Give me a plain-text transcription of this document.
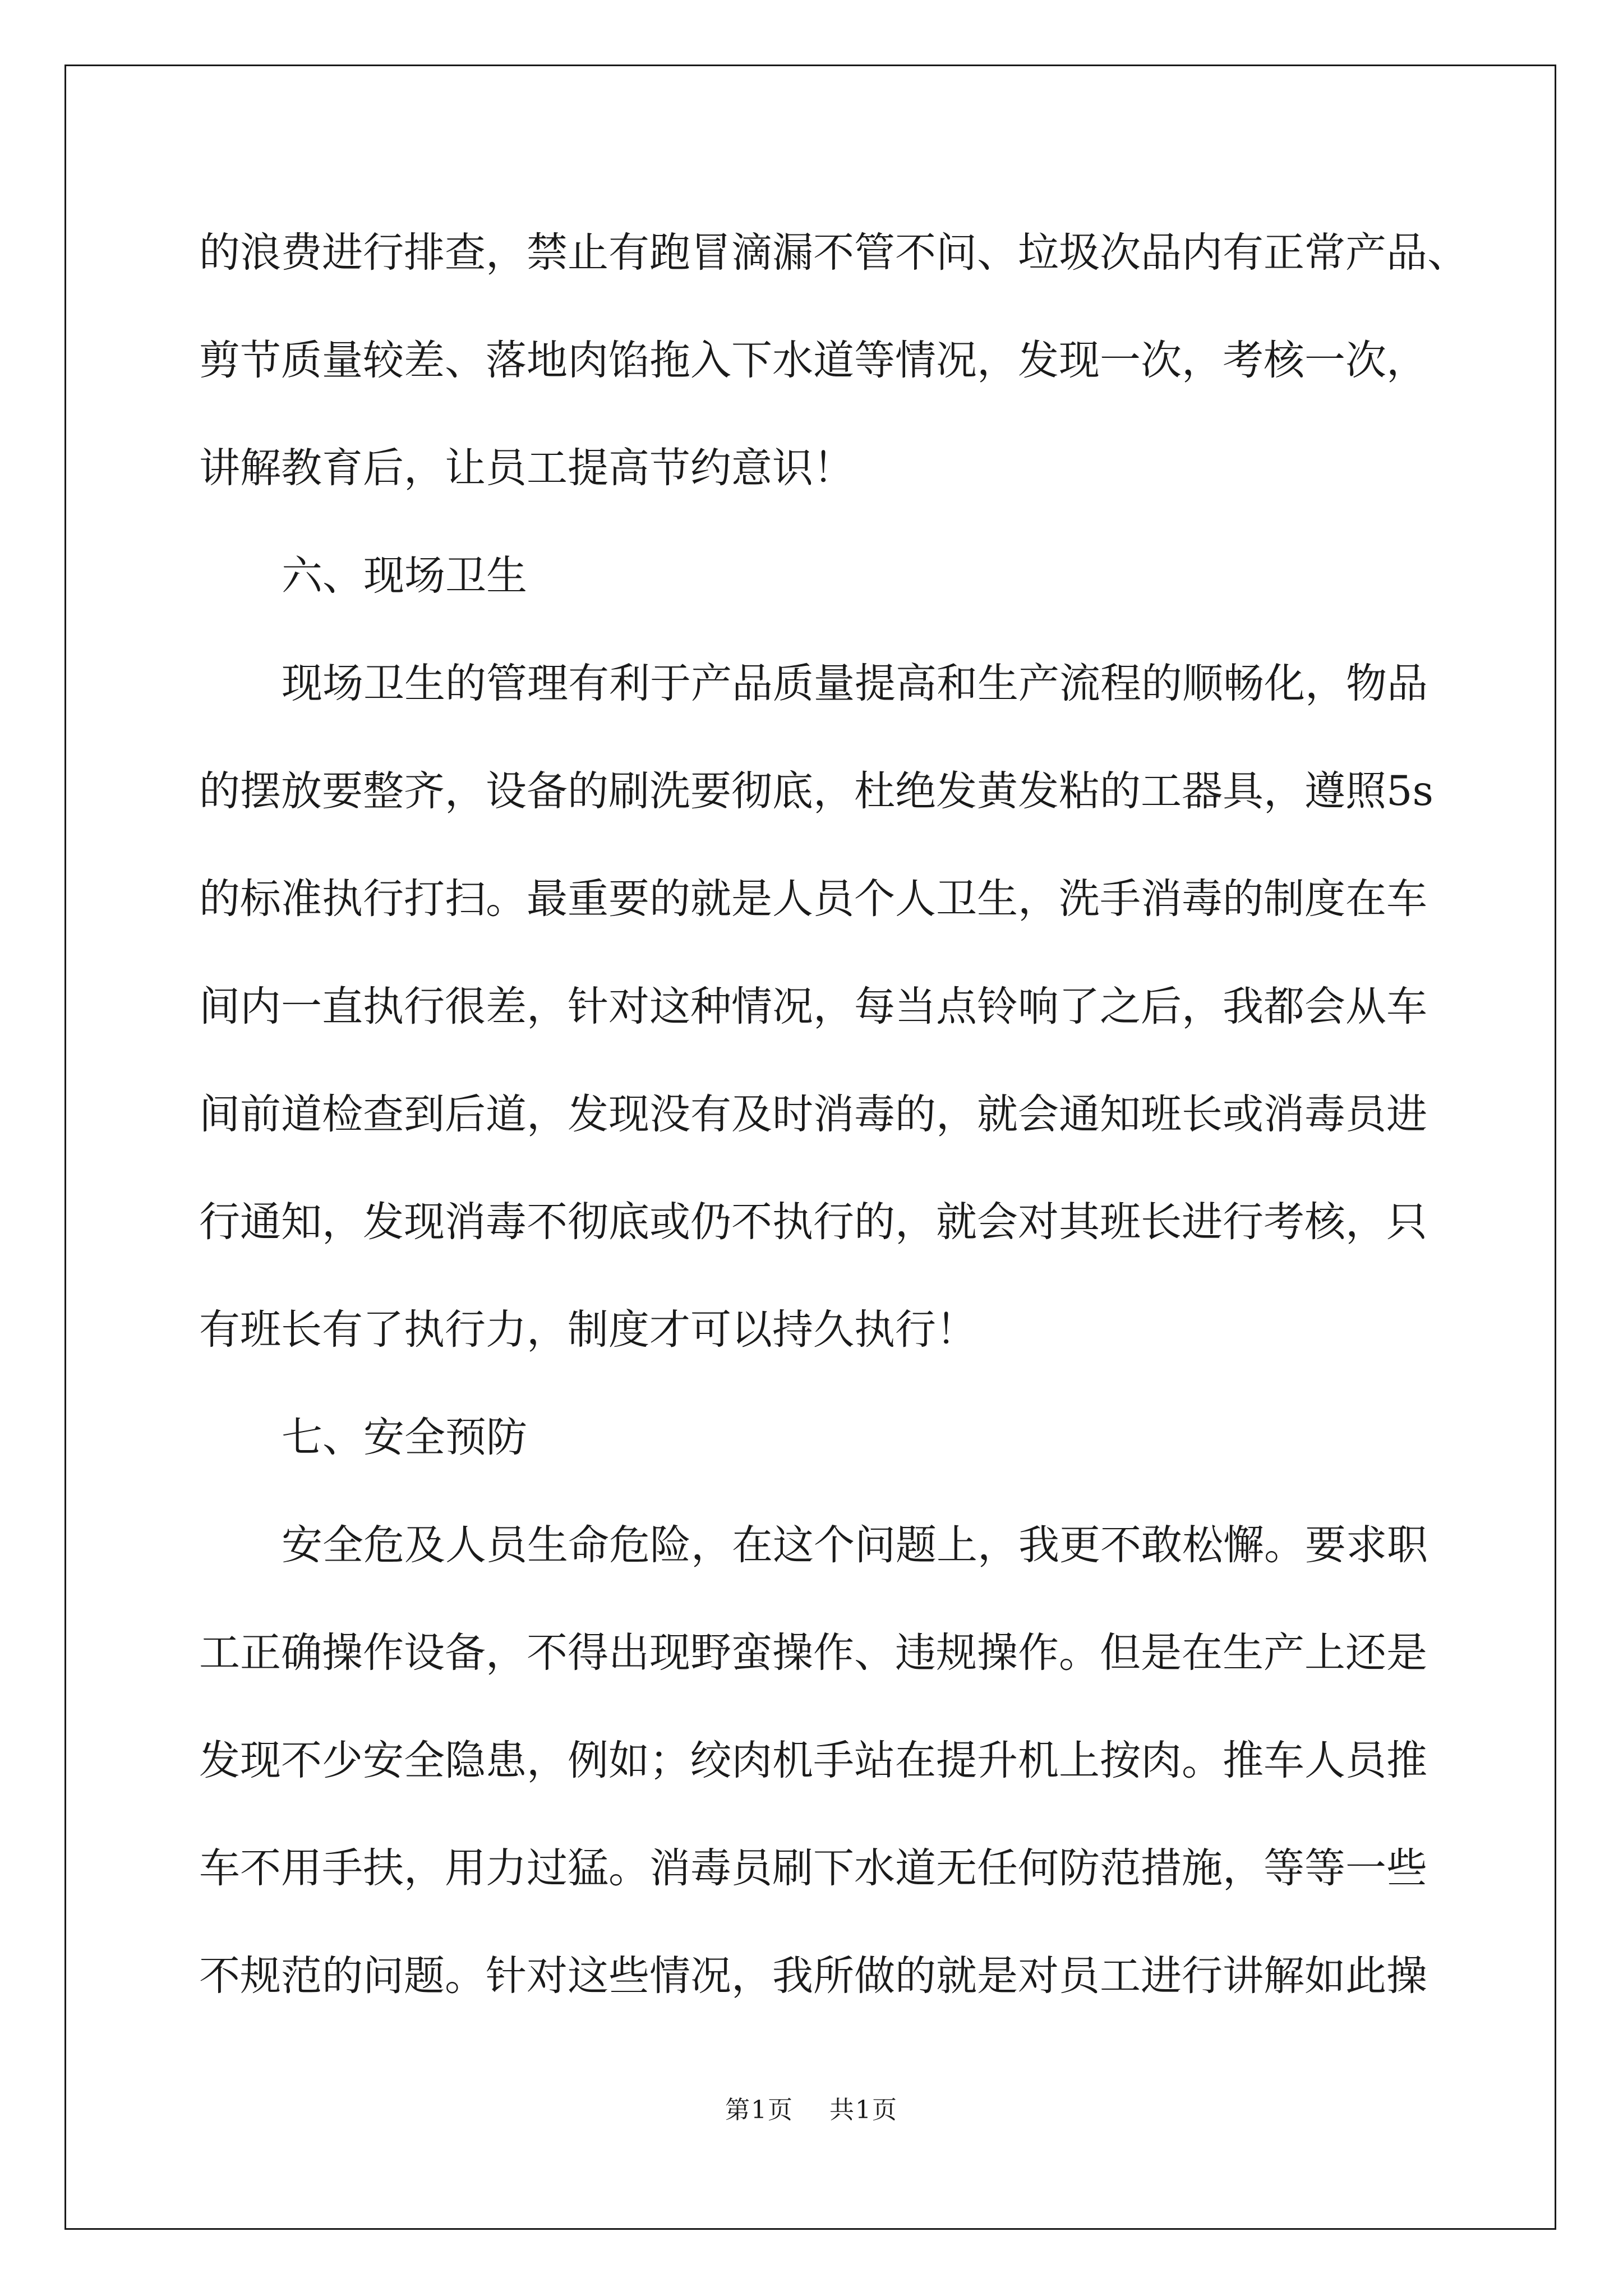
的浪费进行排查，禁止有跑冒滴漏不管不问、垃圾次品内有正常产品、
剪节质量较差、落地肉馅拖入下水道等情况，发现一次，考核一次，
讲解教育后，让员工提高节约意识！
六、现场卫生
现场卫生的管理有利于产品质量提高和生产流程的顺畅化，物品
的摆放要整齐，设备的刷洗要彻底，杜绝发黄发粘的工器具，遵照5s
的标准执行打扫。最重要的就是人员个人卫生，洗手消毒的制度在车
间内一直执行很差，针对这种情况，每当点铃响了之后，我都会从车
间前道检查到后道，发现没有及时消毒的，就会通知班长或消毒员进
行通知，发现消毒不彻底或仍不执行的，就会对其班长进行考核，只
有班长有了执行力，制度才可以持久执行！
七、安全预防
安全危及人员生命危险，在这个问题上，我更不敢松懈。要求职
工正确操作设备，不得出现野蛮操作、违规操作。但是在生产上还是
发现不少安全隐患，例如；绞肉机手站在提升机上按肉。推车人员推
车不用手扶，用力过猛。消毒员刷下水道无任何防范措施，等等一些
不规范的问题。针对这些情况，我所做的就是对员工进行讲解如此操
第1页 共1页
